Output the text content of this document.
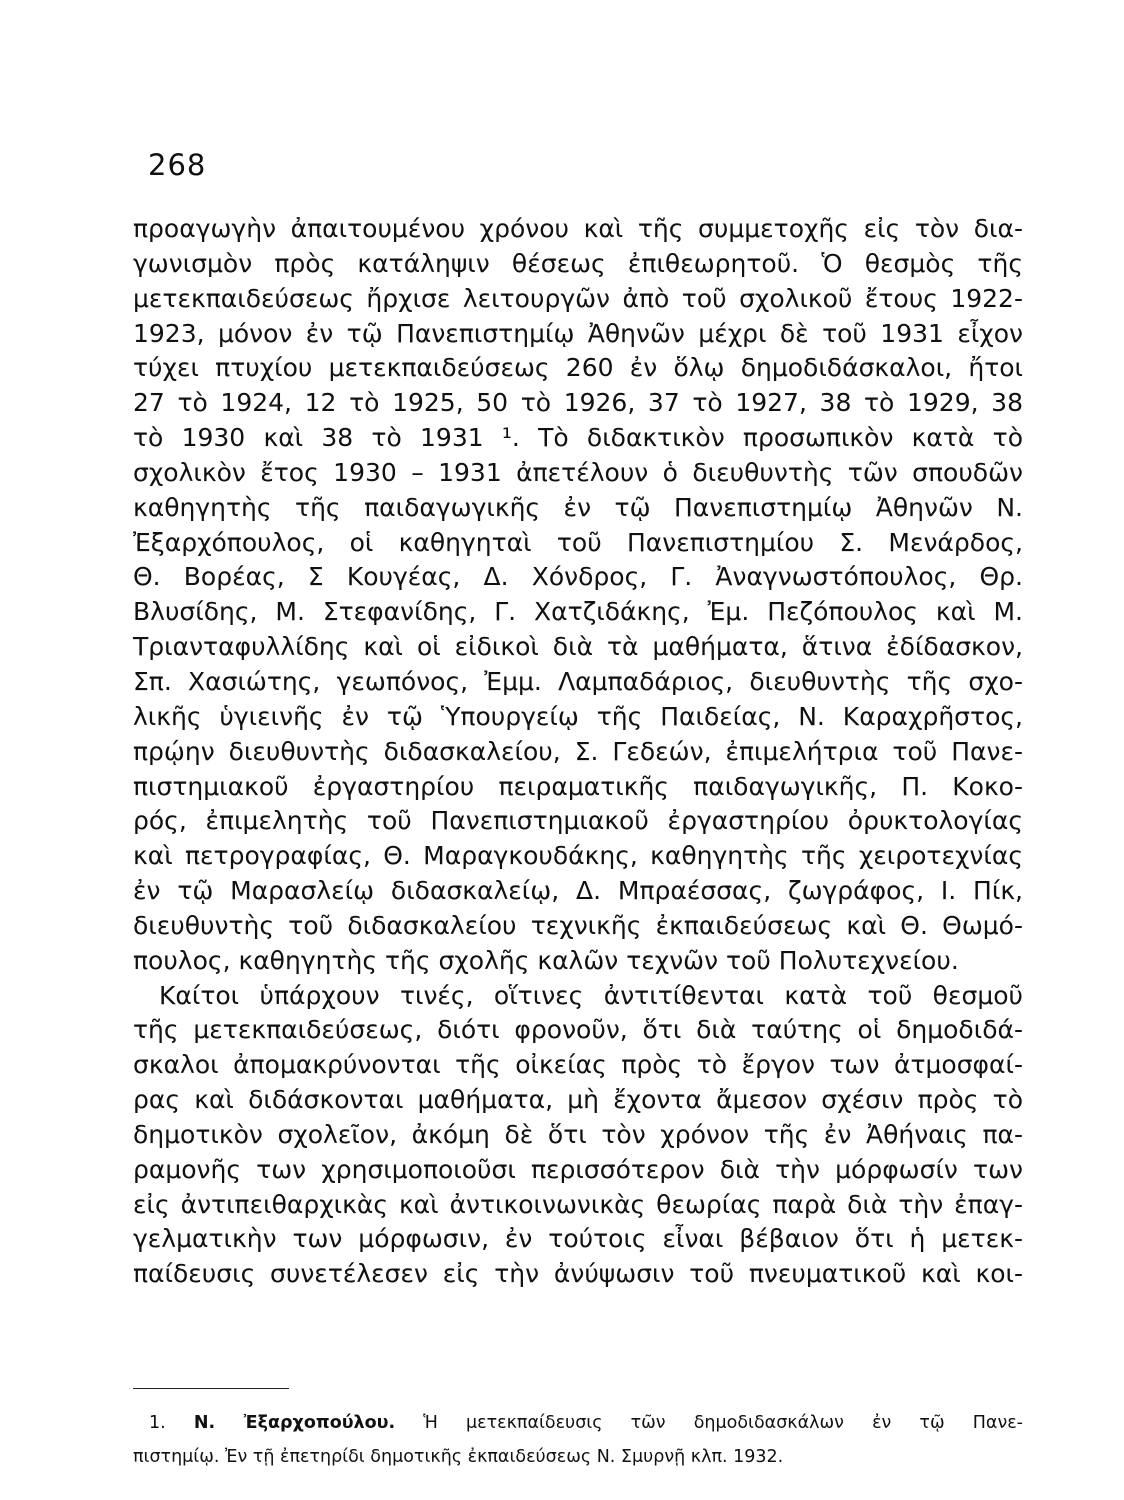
268
προαγωγὴν ἀπαιτουμένου χρόνου καὶ τῆς συμμετοχῆς εἰς τὸν δια-
γωνισμὸν πρὸς κατάληψιν θέσεως ἐπιθεωρητοῦ. Ὁ θεσμὸς τῆς
μετεκπαιδεύσεως ἤρχισε λειτουργῶν ἀπὸ τοῦ σχολικοῦ ἔτους 1922-
1923, μόνον ἐν τῷ Πανεπιστημίῳ Ἀθηνῶν μέχρι δὲ τοῦ 1931 εἶχον
τύχει πτυχίου μετεκπαιδεύσεως 260 ἐν ὅλῳ δημοδιδάσκαλοι, ἤτοι
27 τὸ 1924, 12 τὸ 1925, 50 τὸ 1926, 37 τὸ 1927, 38 τὸ 1929, 38
τὸ 1930 καὶ 38 τὸ 1931 ¹. Τὸ διδακτικὸν προσωπικὸν κατὰ τὸ
σχολικὸν ἔτος 1930 – 1931 ἀπετέλουν ὁ διευθυντὴς τῶν σπουδῶν
καθηγητὴς τῆς παιδαγωγικῆς ἐν τῷ Πανεπιστημίῳ Ἀθηνῶν Ν.
Ἐξαρχόπουλος, οἱ καθηγηταὶ τοῦ Πανεπιστημίου Σ. Μενάρδος,
Θ. Βορέας, Σ Κουγέας, Δ. Χόνδρος, Γ. Ἀναγνωστόπουλος, Θρ.
Βλυσίδης, Μ. Στεφανίδης, Γ. Χατζιδάκης, Ἐμ. Πεζόπουλος καὶ Μ.
Τριανταφυλλίδης καὶ οἱ εἰδικοὶ διὰ τὰ μαθήματα, ἅτινα ἐδίδασκον,
Σπ. Χασιώτης, γεωπόνος, Ἐμμ. Λαμπαδάριος, διευθυντὴς τῆς σχο-
λικῆς ὑγιεινῆς ἐν τῷ Ὑπουργείῳ τῆς Παιδείας, Ν. Καραχρῆστος,
πρῴην διευθυντὴς διδασκαλείου, Σ. Γεδεών, ἐπιμελήτρια τοῦ Πανε-
πιστημιακοῦ ἐργαστηρίου πειραματικῆς παιδαγωγικῆς, Π. Κοκο-
ρός, ἐπιμελητὴς τοῦ Πανεπιστημιακοῦ ἐργαστηρίου ὀρυκτολογίας
καὶ πετρογραφίας, Θ. Μαραγκουδάκης, καθηγητὴς τῆς χειροτεχνίας
ἐν τῷ Μαρασλείῳ διδασκαλείῳ, Δ. Μπραέσσας, ζωγράφος, Ι. Πίκ,
διευθυντὴς τοῦ διδασκαλείου τεχνικῆς ἐκπαιδεύσεως καὶ Θ. Θωμό-
πουλος, καθηγητὴς τῆς σχολῆς καλῶν τεχνῶν τοῦ Πολυτεχνείου.
Καίτοι ὑπάρχουν τινές, οἵτινες ἀντιτίθενται κατὰ τοῦ θεσμοῦ
τῆς μετεκπαιδεύσεως, διότι φρονοῦν, ὅτι διὰ ταύτης οἱ δημοδιδά-
σκαλοι ἀπομακρύνονται τῆς οἰκείας πρὸς τὸ ἔργον των ἀτμοσφαί-
ρας καὶ διδάσκονται μαθήματα, μὴ ἔχοντα ἄμεσον σχέσιν πρὸς τὸ
δημοτικὸν σχολεῖον, ἀκόμη δὲ ὅτι τὸν χρόνον τῆς ἐν Ἀθήναις πα-
ραμονῆς των χρησιμοποιοῦσι περισσότερον διὰ τὴν μόρφωσίν των
εἰς ἀντιπειθαρχικὰς καὶ ἀντικοινωνικὰς θεωρίας παρὰ διὰ τὴν ἐπαγ-
γελματικὴν των μόρφωσιν, ἐν τούτοις εἶναι βέβαιον ὅτι ἡ μετεκ-
παίδευσις συνετέλεσεν εἰς τὴν ἀνύψωσιν τοῦ πνευματικοῦ καὶ κοι-
1. Ν. Ἐξαρχοπούλου. Ἡ μετεκπαίδευσις τῶν δημοδιδασκάλων ἐν τῷ Πανε-
πιστημίῳ. Ἐν τῇ ἐπετηρίδι δημοτικῆς ἐκπαιδεύσεως Ν. Σμυρνῇ κλπ. 1932.
